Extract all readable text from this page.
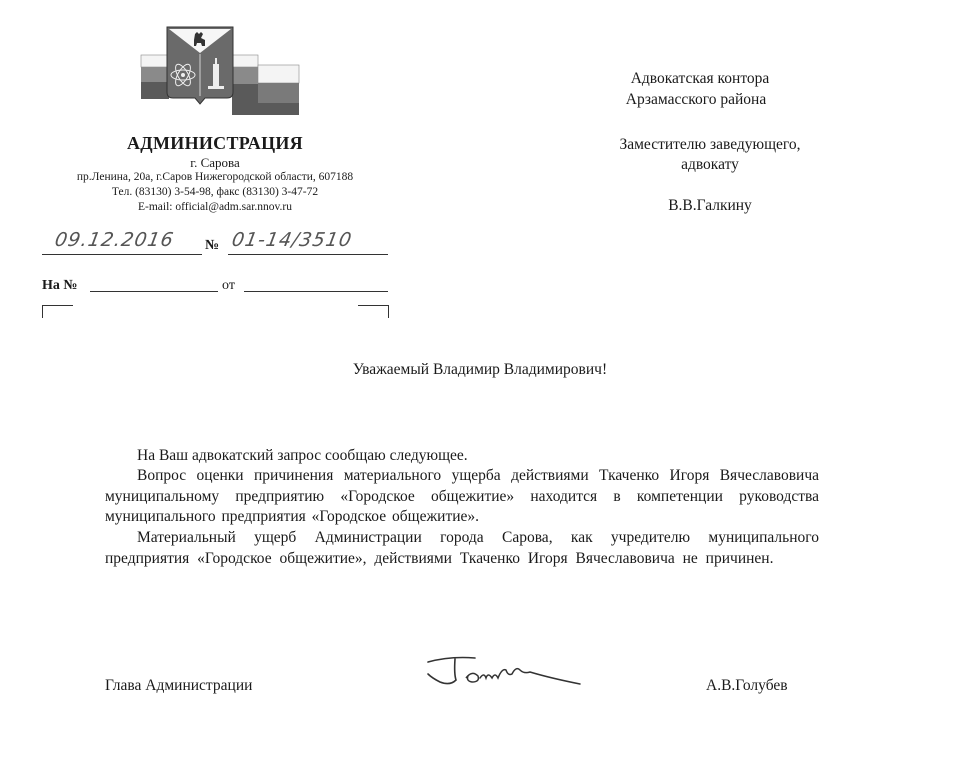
АДМИНИСТРАЦИЯ
г. Сарова
пр.Ленина, 20а, г.Саров Нижегородской области, 607188
Тел. (83130) 3-54-98, факс (83130) 3-47-72
E-mail: official@adm.sar.nnov.ru
09.12.2016 № 01-14/3510
На №	от
Адвокатская контора
Арзамасского района
Заместителю заведующего,
адвокату
В.В.Галкину
Уважаемый Владимир Владимирович!
На Ваш адвокатский запрос сообщаю следующее.
Вопрос оценки причинения материального ущерба действиями Ткаченко Игоря Вячеславовича муниципальному предприятию «Городское общежитие» находится в компетенции руководства муниципального предприятия «Городское общежитие».
Материальный ущерб Администрации города Сарова, как учредителю муниципального предприятия «Городское общежитие», действиями Ткаченко Игоря Вячеславовича не причинен.
Глава Администрации	А.В.Голубев
